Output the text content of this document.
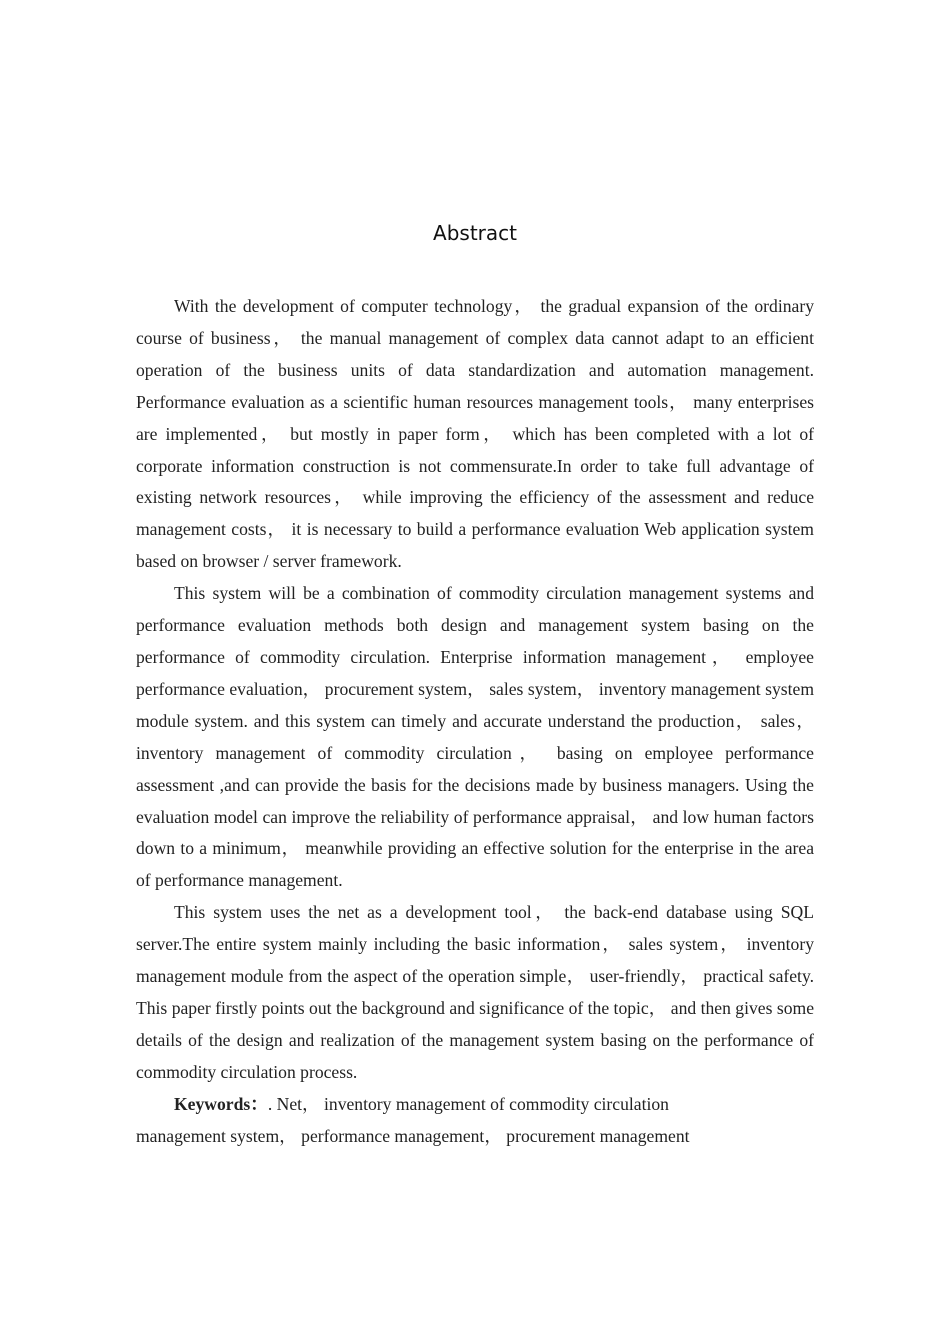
Abstract

With the development of computer technology， the gradual expansion of the ordinary course of business， the manual management of complex data cannot adapt to an efficient operation of the business units of data standardization and automation management. Performance evaluation as a scientific human resources management tools， many enterprises are implemented， but mostly in paper form， which has been completed with a lot of corporate information construction is not commensurate.In order to take full advantage of existing network resources， while improving the efficiency of the assessment and reduce management costs， it is necessary to build a performance evaluation Web application system based on browser / server framework.

This system will be a combination of commodity circulation management systems and performance evaluation methods both design and management system basing on the performance of commodity circulation. Enterprise information management， employee performance evaluation， procurement system， sales system， inventory management system module system. and this system can timely and accurate understand the production， sales， inventory management of commodity circulation， basing on employee performance assessment ,and can provide the basis for the decisions made by business managers. Using the evaluation model can improve the reliability of performance appraisal， and low human factors down to a minimum， meanwhile providing an effective solution for the enterprise in the area of performance management.

This system uses the net as a development tool， the back-end database using SQL server.The entire system mainly including the basic information， sales system， inventory management module from the aspect of the operation simple， user-friendly， practical safety. This paper firstly points out the background and significance of the topic， and then gives some details of the design and realization of the management system basing on the performance of commodity circulation process.

Keywords：. Net， inventory management of commodity circulation
management system， performance management， procurement management
